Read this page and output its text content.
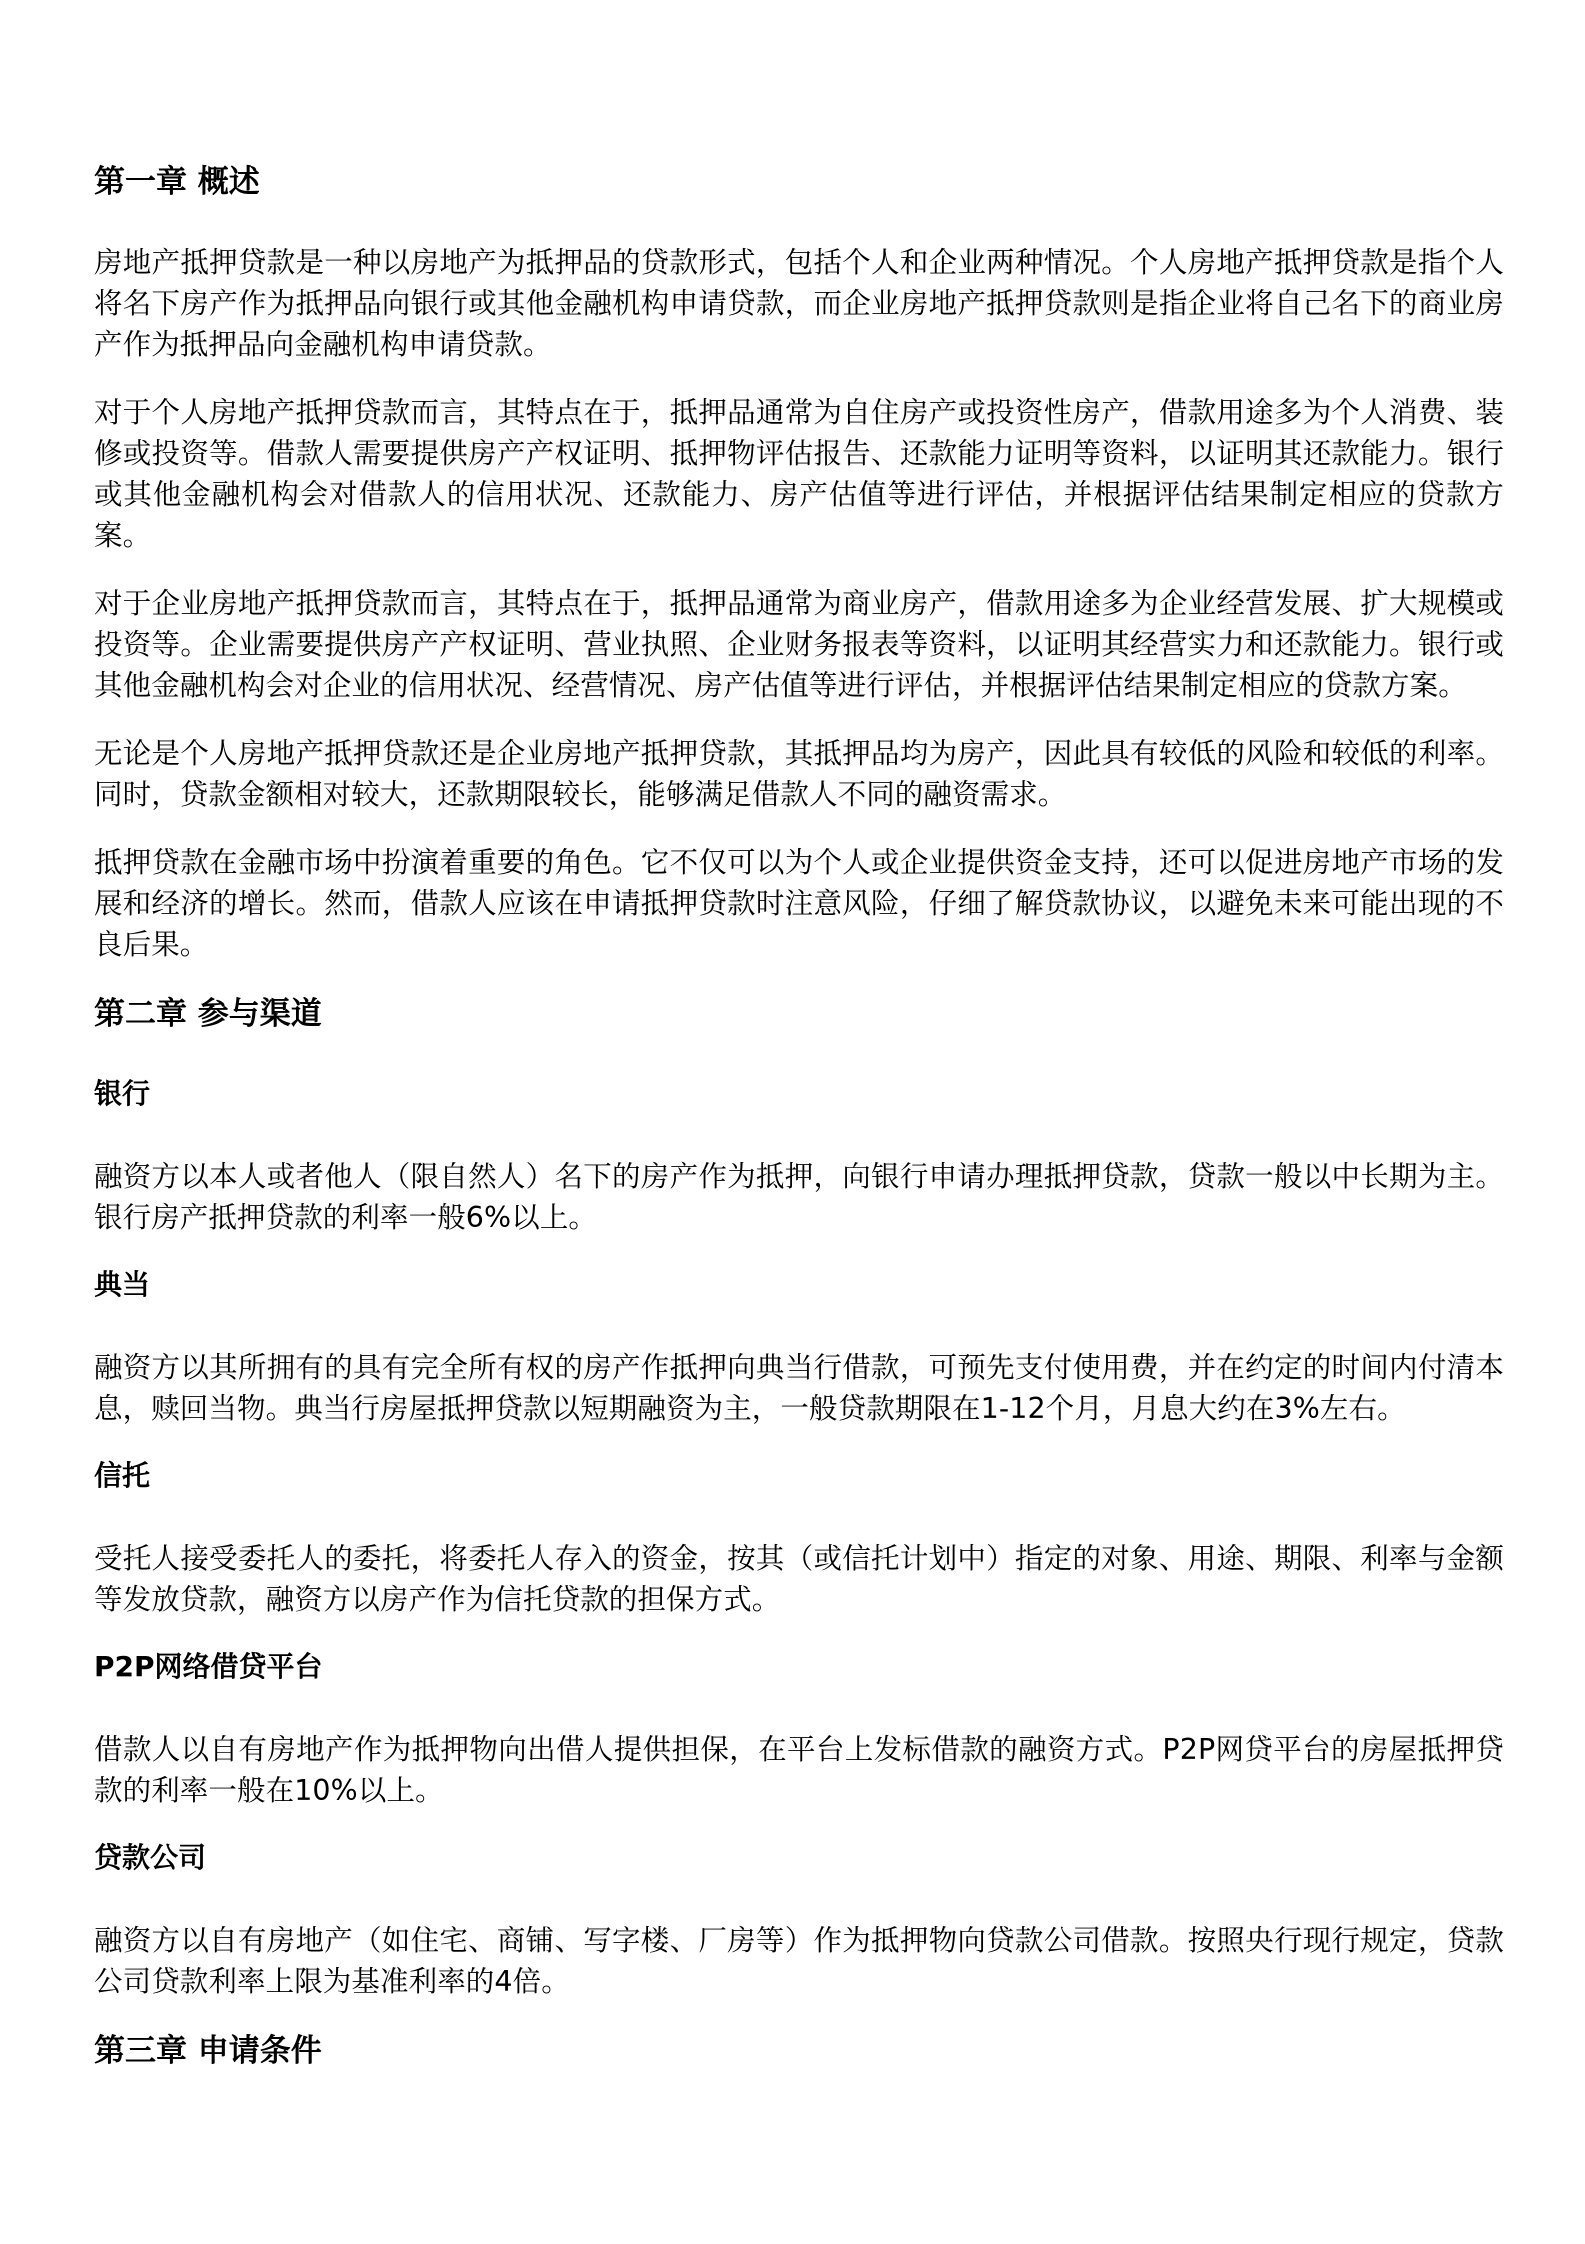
第一章 概述

房地产抵押贷款是一种以房地产为抵押品的贷款形式，包括个人和企业两种情况。个人房地产抵押贷款是指个人将名下房产作为抵押品向银行或其他金融机构申请贷款，而企业房地产抵押贷款则是指企业将自己名下的商业房产作为抵押品向金融机构申请贷款。

对于个人房地产抵押贷款而言，其特点在于，抵押品通常为自住房产或投资性房产，借款用途多为个人消费、装修或投资等。借款人需要提供房产产权证明、抵押物评估报告、还款能力证明等资料，以证明其还款能力。银行或其他金融机构会对借款人的信用状况、还款能力、房产估值等进行评估，并根据评估结果制定相应的贷款方案。

对于企业房地产抵押贷款而言，其特点在于，抵押品通常为商业房产，借款用途多为企业经营发展、扩大规模或投资等。企业需要提供房产产权证明、营业执照、企业财务报表等资料，以证明其经营实力和还款能力。银行或其他金融机构会对企业的信用状况、经营情况、房产估值等进行评估，并根据评估结果制定相应的贷款方案。

无论是个人房地产抵押贷款还是企业房地产抵押贷款，其抵押品均为房产，因此具有较低的风险和较低的利率。同时，贷款金额相对较大，还款期限较长，能够满足借款人不同的融资需求。

抵押贷款在金融市场中扮演着重要的角色。它不仅可以为个人或企业提供资金支持，还可以促进房地产市场的发展和经济的增长。然而，借款人应该在申请抵押贷款时注意风险，仔细了解贷款协议，以避免未来可能出现的不良后果。

第二章 参与渠道
银行

融资方以本人或者他人（限自然人）名下的房产作为抵押，向银行申请办理抵押贷款，贷款一般以中长期为主。银行房产抵押贷款的利率一般6%以上。

典当

融资方以其所拥有的具有完全所有权的房产作抵押向典当行借款，可预先支付使用费，并在约定的时间内付清本息，赎回当物。典当行房屋抵押贷款以短期融资为主，一般贷款期限在1-12个月，月息大约在3%左右。

信托

受托人接受委托人的委托，将委托人存入的资金，按其（或信托计划中）指定的对象、用途、期限、利率与金额等发放贷款，融资方以房产作为信托贷款的担保方式。

P2P网络借贷平台

借款人以自有房地产作为抵押物向出借人提供担保，在平台上发标借款的融资方式。P2P网贷平台的房屋抵押贷款的利率一般在10%以上。

贷款公司

融资方以自有房地产（如住宅、商铺、写字楼、厂房等）作为抵押物向贷款公司借款。按照央行现行规定，贷款公司贷款利率上限为基准利率的4倍。

第三章 申请条件
